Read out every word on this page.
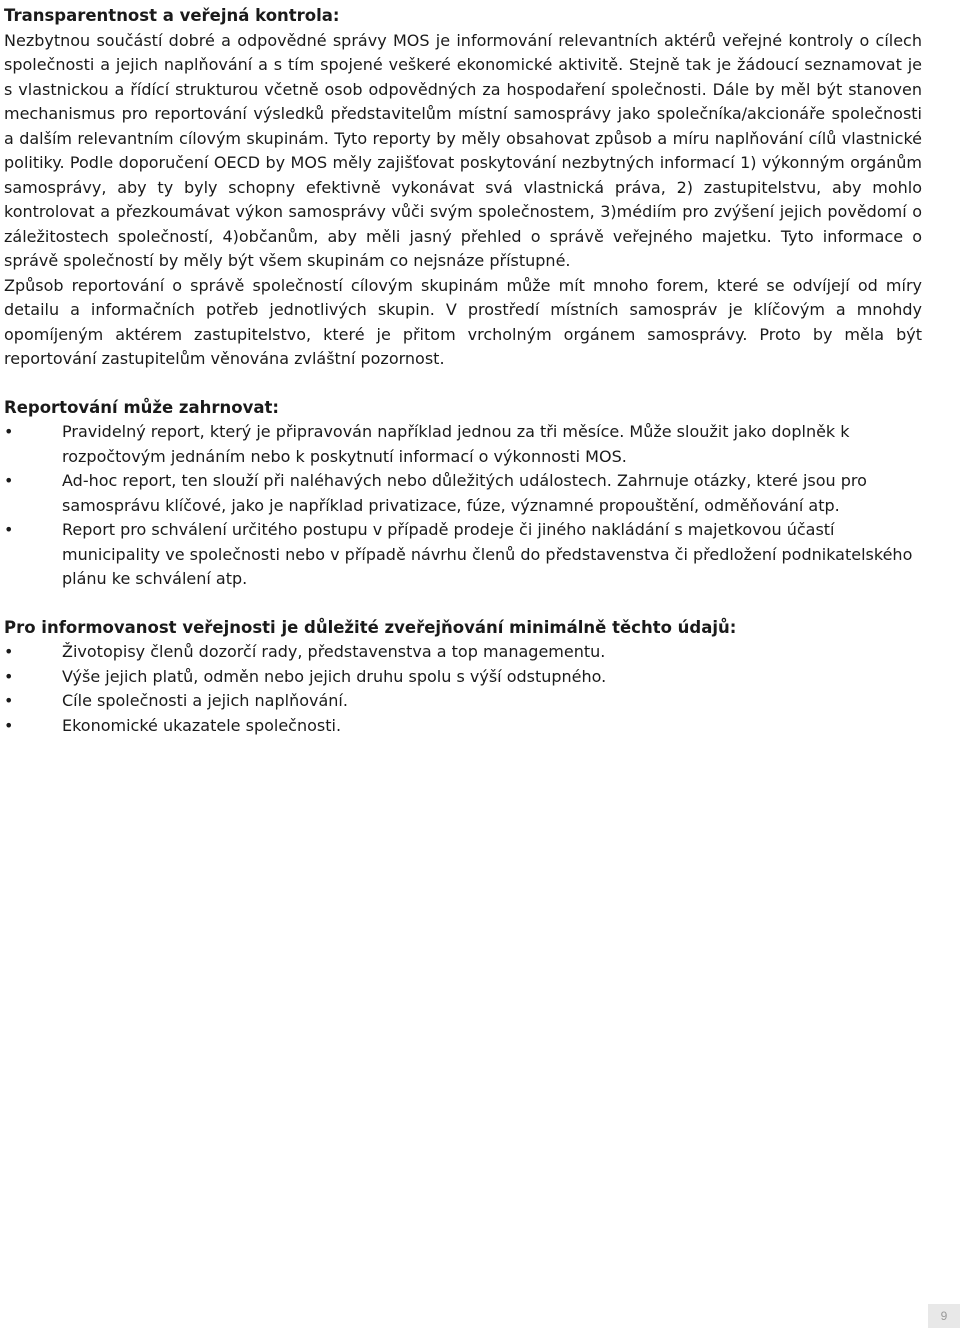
Transparentnost a veřejná kontrola:

Nezbytnou součástí dobré a odpovědné správy MOS je informování relevantních aktérů veřejné kontroly o cílech společnosti a jejich naplňování a s tím spojené veškeré ekonomické aktivitě. Stejně tak je žádoucí seznamovat je s vlastnickou a řídící strukturou včetně osob odpovědných za hospodaření společnosti. Dále by měl být stanoven mechanismus pro reportování výsledků představitelům místní samosprávy jako společníka/akcionáře společnosti a dalším relevantním cílovým skupinám. Tyto reporty by měly obsahovat způsob a míru naplňování cílů vlastnické politiky. Podle doporučení OECD by MOS měly zajišťovat poskytování nezbytných informací 1) výkonným orgánům samosprávy, aby ty byly schopny efektivně vykonávat svá vlastnická práva, 2) zastupitelstvu, aby mohlo kontrolovat a přezkoumávat výkon samosprávy vůči svým společnostem, 3)médiím pro zvýšení jejich povědomí o záležitostech společností, 4)občanům, aby měli jasný přehled o správě veřejného majetku. Tyto informace o správě společností by měly být všem skupinám co nejsnáze přístupné.

Způsob reportování o správě společností cílovým skupinám může mít mnoho forem, které se odvíjejí od míry detailu a informačních potřeb jednotlivých skupin. V prostředí místních samospráv je klíčovým a mnohdy opomíjeným aktérem zastupitelstvo, které je přitom vrcholným orgánem samosprávy. Proto by měla být reportování zastupitelům věnována zvláštní pozornost.

Reportování může zahrnovat:
•	Pravidelný report, který je připravován například jednou za tři měsíce. Může sloužit jako doplněk k rozpočtovým jednáním nebo k poskytnutí informací o výkonnosti MOS.
•	Ad-hoc report, ten slouží při naléhavých nebo důležitých událostech. Zahrnuje otázky, které jsou pro samosprávu klíčové, jako je například privatizace, fúze, významné propouštění, odměňování atp.
•	Report pro schválení určitého postupu v případě prodeje či jiného nakládání s majetkovou účastí municipality ve společnosti nebo v případě návrhu členů do představenstva či předložení podnikatelského plánu ke schválení atp.
Pro informovanost veřejnosti je důležité zveřejňování minimálně těchto údajů:
•	Životopisy členů dozorčí rady, představenstva a top managementu.
•	Výše jejich platů, odměn nebo jejich druhu spolu s výší odstupného.
•	Cíle společnosti a jejich naplňování.
•	Ekonomické ukazatele společnosti.
9
